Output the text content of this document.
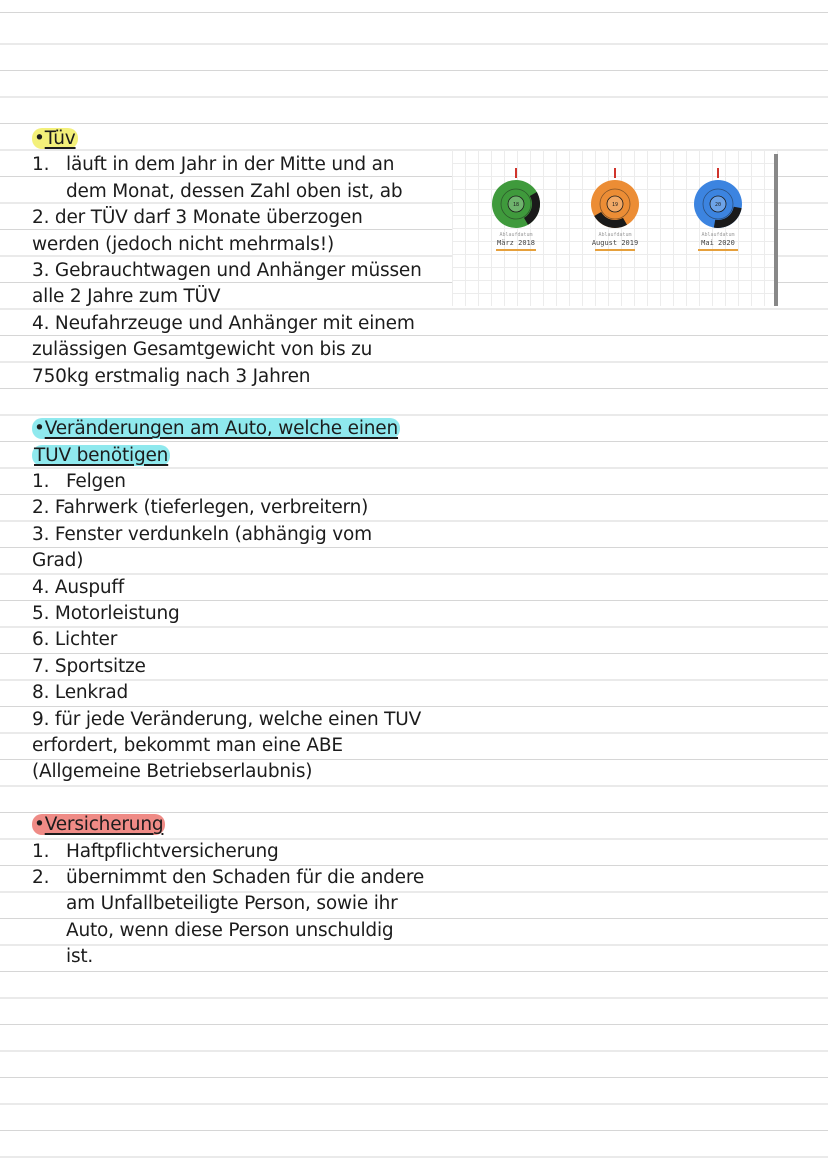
•Tüv
1. läuft in dem Jahr in der Mitte und an
dem Monat, dessen Zahl oben ist, ab
2. der TÜV darf 3 Monate überzogen
werden (jedoch nicht mehrmals!)
3. Gebrauchtwagen und Anhänger müssen
alle 2 Jahre zum TÜV
4. Neufahrzeuge und Anhänger mit einem
zulässigen Gesamtgewicht von bis zu
750kg erstmalig nach 3 Jahren
•Veränderungen am Auto, welche einen
TUV benötigen
1. Felgen
2. Fahrwerk (tieferlegen, verbreitern)
3. Fenster verdunkeln (abhängig vom
Grad)
4. Auspuff
5. Motorleistung
6. Lichter
7. Sportsitze
8. Lenkrad
9. für jede Veränderung, welche einen TUV
erfordert, bekommt man eine ABE
(Allgemeine Betriebserlaubnis)
•Versicherung
1. Haftpflichtversicherung
2. übernimmt den Schaden für die andere
am Unfallbeteiligte Person, sowie ihr
Auto, wenn diese Person unschuldig
ist.
18
Ablaufdatum
März 2018
19
Ablaufdatum
August 2019
20
Ablaufdatum
Mai 2020
